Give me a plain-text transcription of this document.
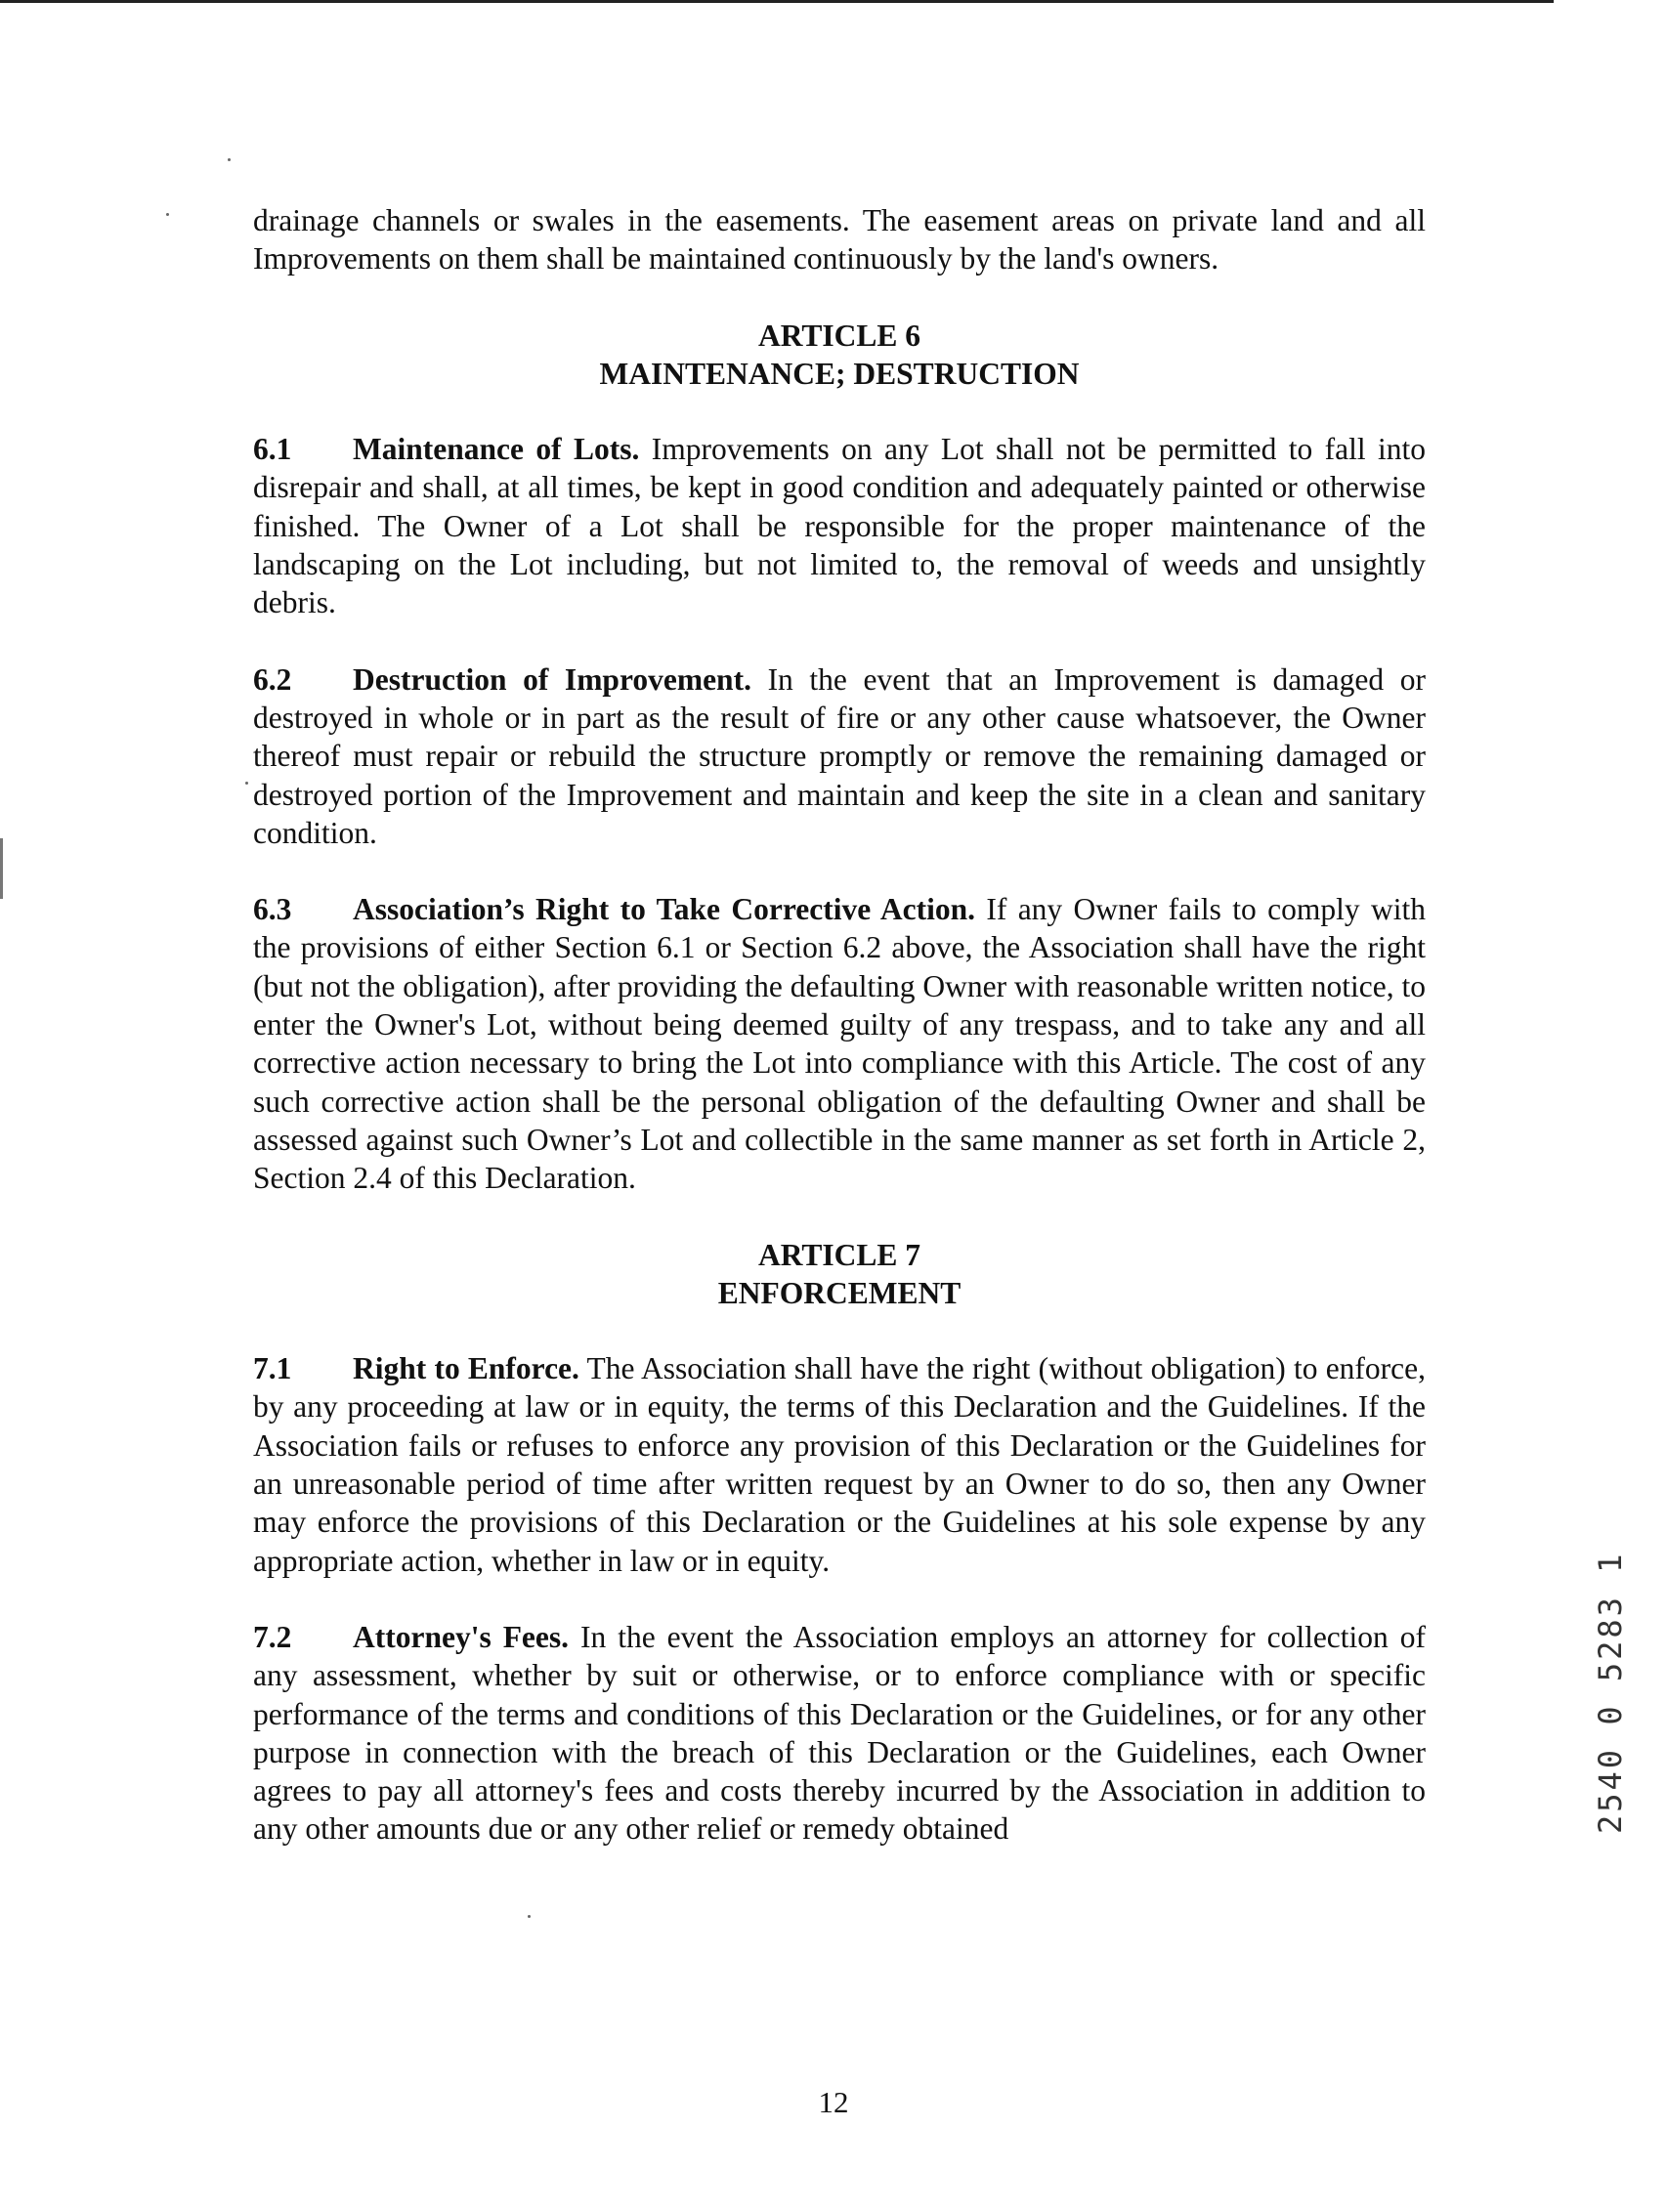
drainage channels or swales in the easements. The easement areas on private land and all Improvements on them shall be maintained continuously by the land's owners.

ARTICLE 6

MAINTENANCE; DESTRUCTION

6.1 Maintenance of Lots. Improvements on any Lot shall not be permitted to fall into disrepair and shall, at all times, be kept in good condition and adequately painted or otherwise finished. The Owner of a Lot shall be responsible for the proper maintenance of the landscaping on the Lot including, but not limited to, the removal of weeds and unsightly debris.

6.2 Destruction of Improvement. In the event that an Improvement is damaged or destroyed in whole or in part as the result of fire or any other cause whatsoever, the Owner thereof must repair or rebuild the structure promptly or remove the remaining damaged or destroyed portion of the Improvement and maintain and keep the site in a clean and sanitary condition.

6.3 Association’s Right to Take Corrective Action. If any Owner fails to comply with the provisions of either Section 6.1 or Section 6.2 above, the Association shall have the right (but not the obligation), after providing the defaulting Owner with reasonable written notice, to enter the Owner's Lot, without being deemed guilty of any trespass, and to take any and all corrective action necessary to bring the Lot into compliance with this Article. The cost of any such corrective action shall be the personal obligation of the defaulting Owner and shall be assessed against such Owner’s Lot and collectible in the same manner as set forth in Article 2, Section 2.4 of this Declaration.

ARTICLE 7

ENFORCEMENT

7.1 Right to Enforce. The Association shall have the right (without obligation) to enforce, by any proceeding at law or in equity, the terms of this Declaration and the Guidelines. If the Association fails or refuses to enforce any provision of this Declaration or the Guidelines for an unreasonable period of time after written request by an Owner to do so, then any Owner may enforce the provisions of this Declaration or the Guidelines at his sole expense by any appropriate action, whether in law or in equity.

7.2 Attorney's Fees. In the event the Association employs an attorney for collection of any assessment, whether by suit or otherwise, or to enforce compliance with or specific performance of the terms and conditions of this Declaration or the Guidelines, or for any other purpose in connection with the breach of this Declaration or the Guidelines, each Owner agrees to pay all attorney's fees and costs thereby incurred by the Association in addition to any other amounts due or any other relief or remedy obtained	2540 0 5283 1
12
